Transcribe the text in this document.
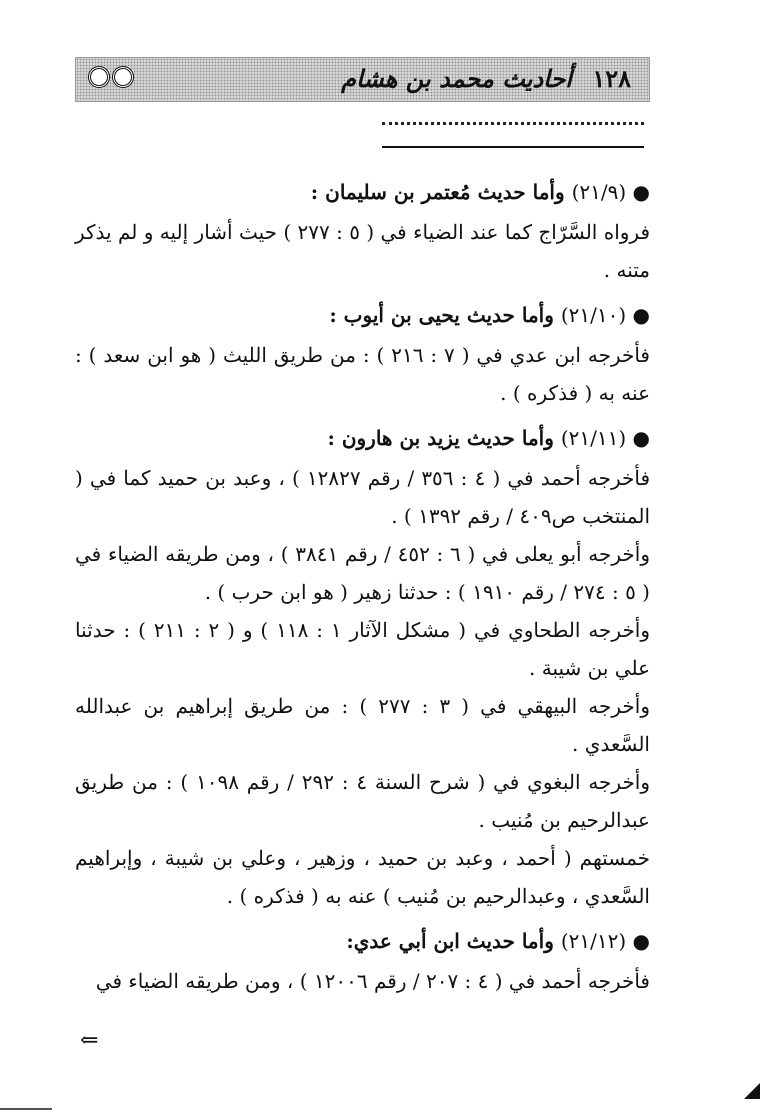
١٢٨ أحاديث محمد بن هشام

● (٢١/٩) وأما حديث مُعتمر بن سليمان :

فرواه السَّرّاج كما عند الضياء في ( ٥ : ٢٧٧ ) حيث أشار إليه و لم يذكر متنه .

● (٢١/١٠) وأما حديث يحيى بن أيوب :

فأخرجه ابن عدي في ( ٧ : ٢١٦ ) : من طريق الليث ( هو ابن سعد ) : عنه به ( فذكره ) .

● (٢١/١١) وأما حديث يزيد بن هارون :

فأخرجه أحمد في ( ٤ : ٣٥٦ / رقم ١٢٨٢٧ ) ، وعبد بن حميد كما في ( المنتخب ص٤٠٩ / رقم ١٣٩٢ ) .

وأخرجه أبو يعلى في ( ٦ : ٤٥٢ / رقم ٣٨٤١ ) ، ومن طريقه الضياء في ( ٥ : ٢٧٤ / رقم ١٩١٠ ) : حدثنا زهير ( هو ابن حرب ) .

وأخرجه الطحاوي في ( مشكل الآثار ١ : ١١٨ ) و ( ٢ : ٢١١ ) : حدثنا علي بن شيبة .

وأخرجه البيهقي في ( ٣ : ٢٧٧ ) : من طريق إبراهيم بن عبدالله السَّعدي .

وأخرجه البغوي في ( شرح السنة ٤ : ٢٩٢ / رقم ١٠٩٨ ) : من طريق عبدالرحيم بن مُنيب .

خمستهم ( أحمد ، وعبد بن حميد ، وزهير ، وعلي بن شيبة ، وإبراهيم السَّعدي ، وعبدالرحيم بن مُنيب ) عنه به ( فذكره ) .

● (٢١/١٢) وأما حديث ابن أبي عدي:

فأخرجه أحمد في ( ٤ : ٢٠٧ / رقم ١٢٠٠٦ ) ، ومن طريقه الضياء في

⇐
